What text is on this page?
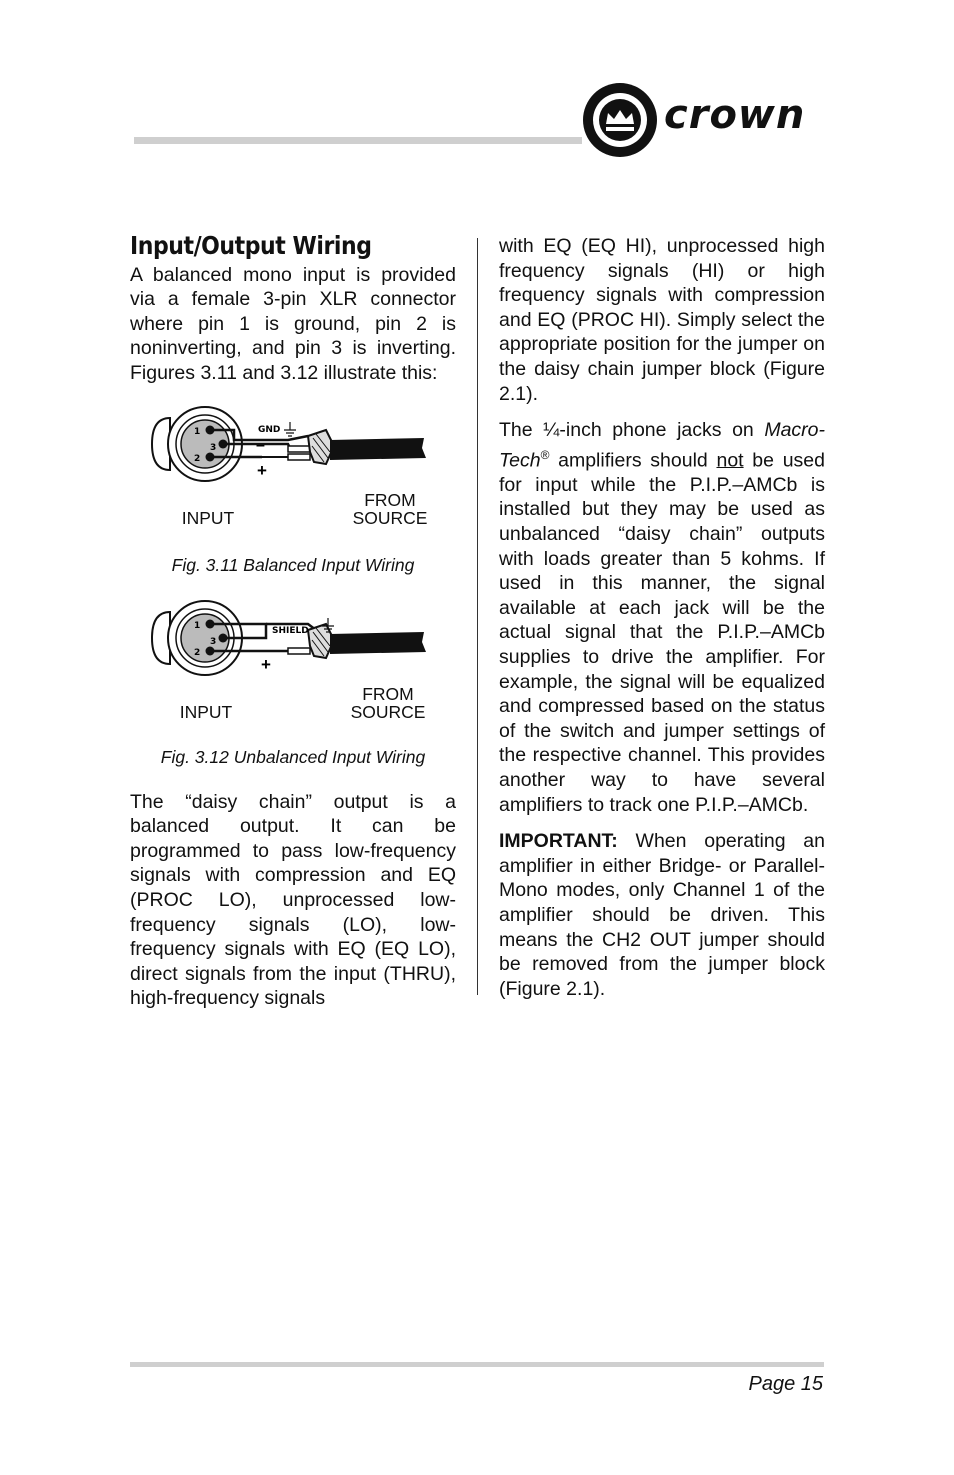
crown
Input/Output Wiring

A balanced mono input is provided via a female 3-pin XLR connector where pin 1 is ground, pin 2 is noninverting, and pin 3 is inverting. Figures 3.11 and 3.12 illustrate this:

1
3
2
GND
–
+
INPUT
FROM
SOURCE
Fig. 3.11 Balanced Input Wiring
1
3
2
SHIELD
+
INPUT
FROM
SOURCE
Fig. 3.12 Unbalanced Input Wiring

The “daisy chain” output is a balanced output. It can be programmed to pass low-frequency signals with compression and EQ (PROC LO), unprocessed low-frequency signals (LO), low-frequency signals with EQ (EQ LO), direct signals from the input (THRU), high-frequency signals

with EQ (EQ HI), unprocessed high frequency signals (HI) or high frequency signals with compression and EQ (PROC HI). Simply select the appropriate position for the jumper on the daisy chain jumper block (Figure 2.1).

The ¼-inch phone jacks on Macro-Tech® amplifiers should not be used for input while the P.I.P.–AMCb is installed but they may be used as unbalanced “daisy chain” outputs with loads greater than 5 kohms. If used in this manner, the signal available at each jack will be the actual signal that the P.I.P.–AMCb supplies to drive the amplifier. For example, the signal will be equalized and compressed based on the status of the switch and jumper settings of the respective channel. This provides another way to have several amplifiers to track one P.I.P.–AMCb.

IMPORTANT: When operating an amplifier in either Bridge- or Parallel-Mono modes, only Channel 1 of the amplifier should be driven. This means the CH2 OUT jumper should be removed from the jumper block (Figure 2.1).

Page 15
